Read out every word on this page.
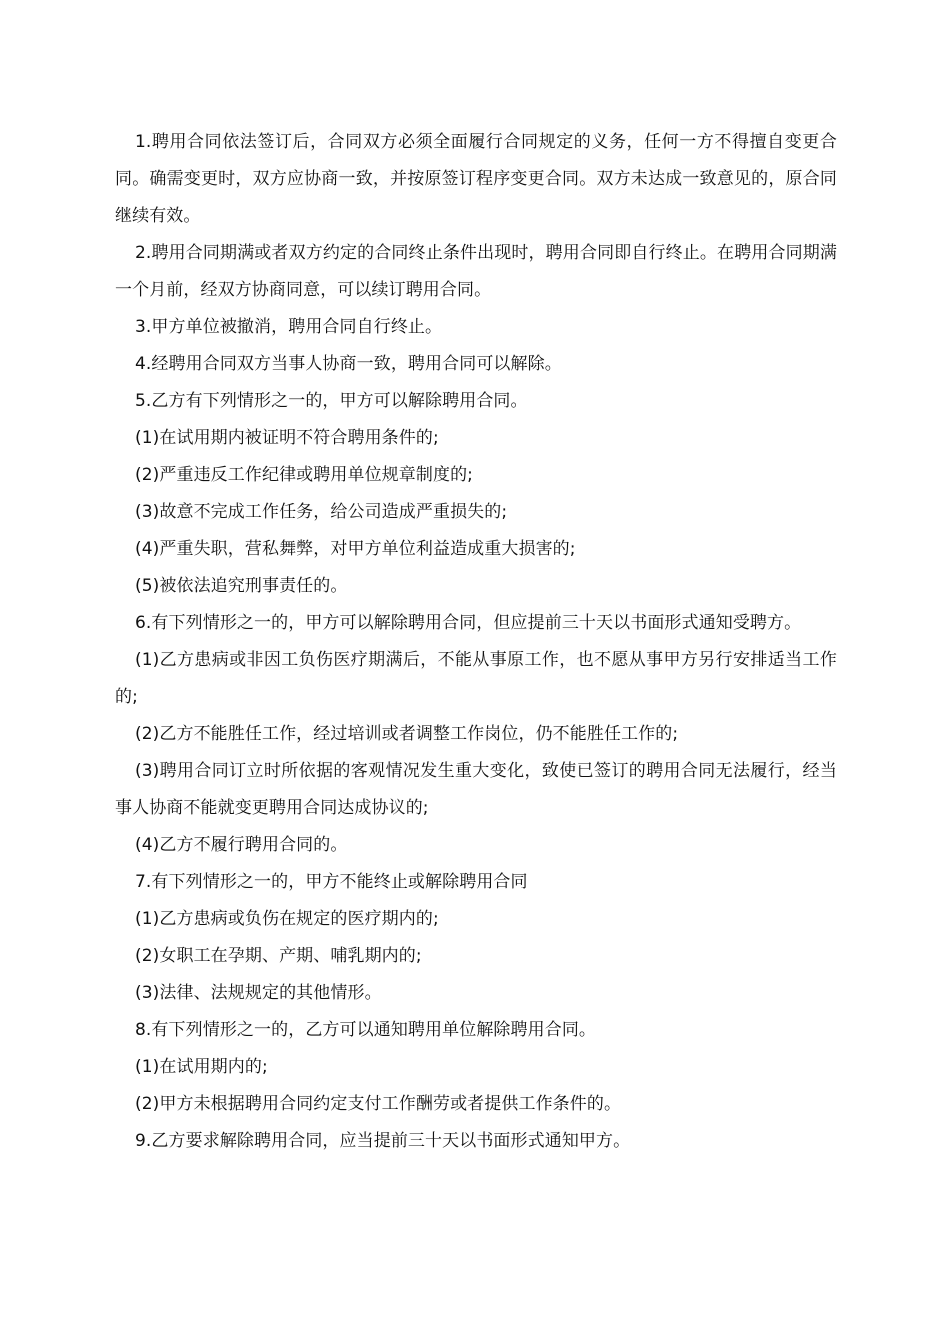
1.聘用合同依法签订后，合同双方必须全面履行合同规定的义务，任何一方不得擅自变更合同。确需变更时，双方应协商一致，并按原签订程序变更合同。双方未达成一致意见的，原合同继续有效。

2.聘用合同期满或者双方约定的合同终止条件出现时，聘用合同即自行终止。在聘用合同期满一个月前，经双方协商同意，可以续订聘用合同。

3.甲方单位被撤消，聘用合同自行终止。

4.经聘用合同双方当事人协商一致，聘用合同可以解除。

5.乙方有下列情形之一的，甲方可以解除聘用合同。

(1)在试用期内被证明不符合聘用条件的;

(2)严重违反工作纪律或聘用单位规章制度的;

(3)故意不完成工作任务，给公司造成严重损失的;

(4)严重失职，营私舞弊，对甲方单位利益造成重大损害的;

(5)被依法追究刑事责任的。

6.有下列情形之一的，甲方可以解除聘用合同，但应提前三十天以书面形式通知受聘方。

(1)乙方患病或非因工负伤医疗期满后，不能从事原工作，也不愿从事甲方另行安排适当工作的;

(2)乙方不能胜任工作，经过培训或者调整工作岗位，仍不能胜任工作的;

(3)聘用合同订立时所依据的客观情况发生重大变化，致使已签订的聘用合同无法履行，经当事人协商不能就变更聘用合同达成协议的;

(4)乙方不履行聘用合同的。

7.有下列情形之一的，甲方不能终止或解除聘用合同

(1)乙方患病或负伤在规定的医疗期内的;

(2)女职工在孕期、产期、哺乳期内的;

(3)法律、法规规定的其他情形。

8.有下列情形之一的，乙方可以通知聘用单位解除聘用合同。

(1)在试用期内的;

(2)甲方未根据聘用合同约定支付工作酬劳或者提供工作条件的。

9.乙方要求解除聘用合同，应当提前三十天以书面形式通知甲方。
